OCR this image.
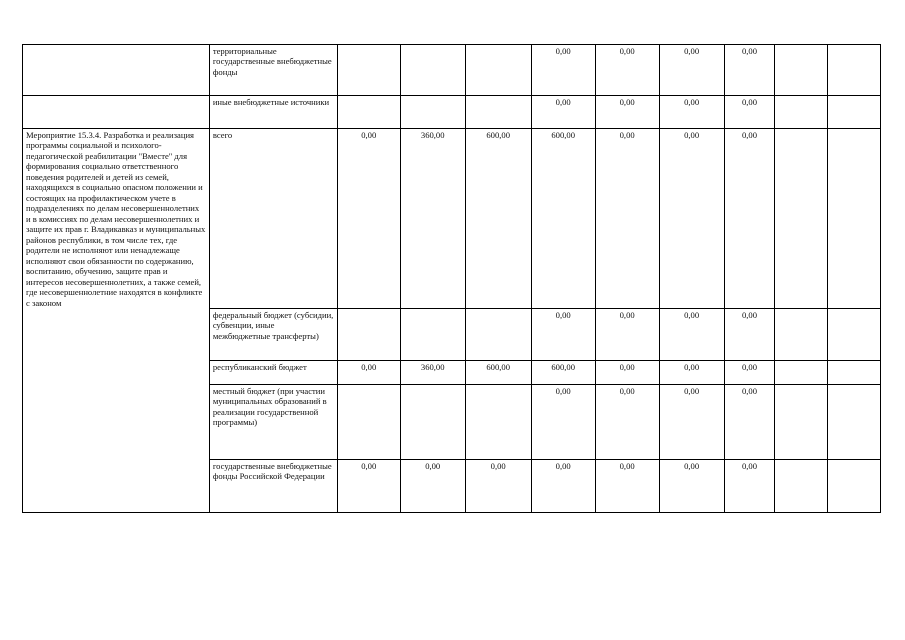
	территориальные государственные внебюджетные фонды				0,00	0,00	0,00	0,00		
	иные внебюджетные источники				0,00	0,00	0,00	0,00		
Мероприятие 15.3.4. Разработка и реализация программы социальной и психолого-педагогической реабилитации "Вместе" для формирования социально ответственного поведения родителей и детей из семей, находящихся в социально опасном положении и состоящих на профилактическом учете в подразделениях по делам несовершеннолетних и в комиссиях по делам несовершеннолетних и защите их прав г. Владикавказ и муниципальных районов республики, в том числе тех, где родители не исполняют или ненадлежаще исполняют свои обязанности по содержанию, воспитанию, обучению, защите прав и интересов несовершеннолетних, а также семей, где несовершеннолетние находятся в конфликте с законом	всего	0,00	360,00	600,00	600,00	0,00	0,00	0,00		
	федеральный бюджет (субсидии, субвенции, иные межбюджетные трансферты)				0,00	0,00	0,00	0,00		
	республиканский бюджет	0,00	360,00	600,00	600,00	0,00	0,00	0,00		
	местный бюджет (при участии муниципальных образований в реализации государственной программы)				0,00	0,00	0,00	0,00		
	государственные внебюджетные фонды Российской Федерации	0,00	0,00	0,00	0,00	0,00	0,00	0,00		
